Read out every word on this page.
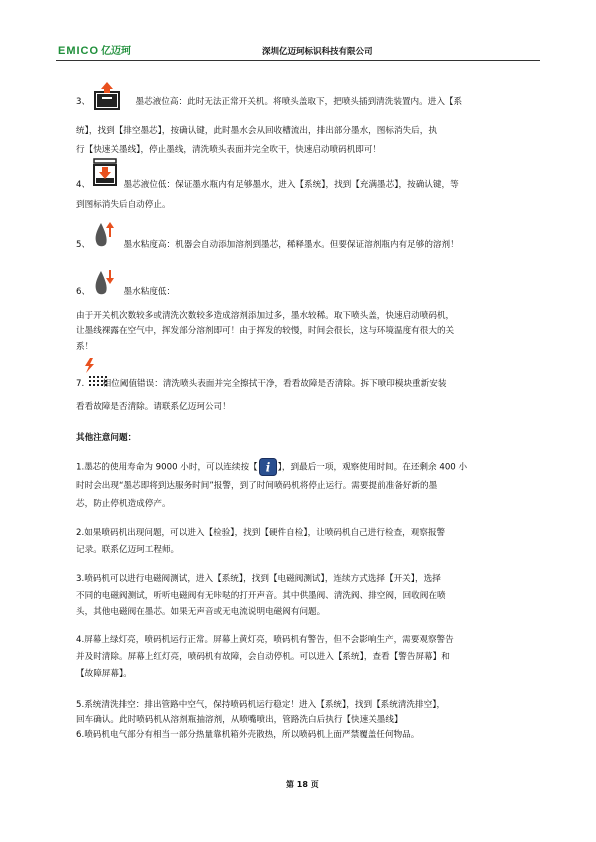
EMICO 亿迈珂	深圳亿迈珂标识科技有限公司
3、	墨芯液位高：此时无法正常开关机。将喷头盖取下，把喷头插到清洗装置内。进入【系
统】，找到【排空墨芯】，按确认键，此时墨水会从回收槽流出，排出部分墨水，图标消失后，执
行【快速关墨线】，停止墨线，清洗喷头表面并完全吹干，快速启动喷码机即可！
4、	墨芯液位低：保证墨水瓶内有足够墨水，进入【系统】，找到【充满墨芯】，按确认键，等
到图标消失后自动停止。
5、	墨水粘度高：机器会自动添加溶剂到墨芯，稀释墨水。但要保证溶剂瓶内有足够的溶剂！
6、	墨水粘度低：
由于开关机次数较多或清洗次数较多造成溶剂添加过多，墨水较稀。取下喷头盖，快速启动喷码机，
让墨线裸露在空气中，挥发部分溶剂即可！由于挥发的较慢，时间会很长，这与环境温度有很大的关
系！
7. 相位阈值错误：清洗喷头表面并完全擦拭干净，看看故障是否清除。拆下喷印模块重新安装
看看故障是否清除。请联系亿迈珂公司！
其他注意问题：
1.墨芯的使用寿命为 9000 小时，可以连续按【 i 】，到最后一项，观察使用时间。在还剩余 400 小
时时会出现“墨芯即将到达服务时间”报警，到了时间喷码机将停止运行。需要提前准备好新的墨
芯，防止停机造成停产。
2.如果喷码机出现问题，可以进入【检验】，找到【硬件自检】，让喷码机自己进行检查，观察报警
记录。联系亿迈珂工程师。
3.喷码机可以进行电磁阀测试，进入【系统】，找到【电磁阀测试】，连续方式选择【开关】，选择
不同的电磁阀测试，听听电磁阀有无咔哒的打开声音。其中供墨阀、清洗阀、排空阀，回收阀在喷
头，其他电磁阀在墨芯。如果无声音或无电流说明电磁阀有问题。
4.屏幕上绿灯亮，喷码机运行正常。屏幕上黄灯亮，喷码机有警告，但不会影响生产，需要观察警告
并及时清除。屏幕上红灯亮，喷码机有故障，会自动停机。可以进入【系统】，查看【警告屏幕】和
【故障屏幕】。
5.系统清洗排空：排出管路中空气，保持喷码机运行稳定！进入【系统】，找到【系统清洗排空】，
回车确认。此时喷码机从溶剂瓶抽溶剂，从喷嘴喷出，管路洗白后执行【快速关墨线】
6.喷码机电气部分有相当一部分热量靠机箱外壳散热，所以喷码机上面严禁覆盖任何物品。
第 18 页
